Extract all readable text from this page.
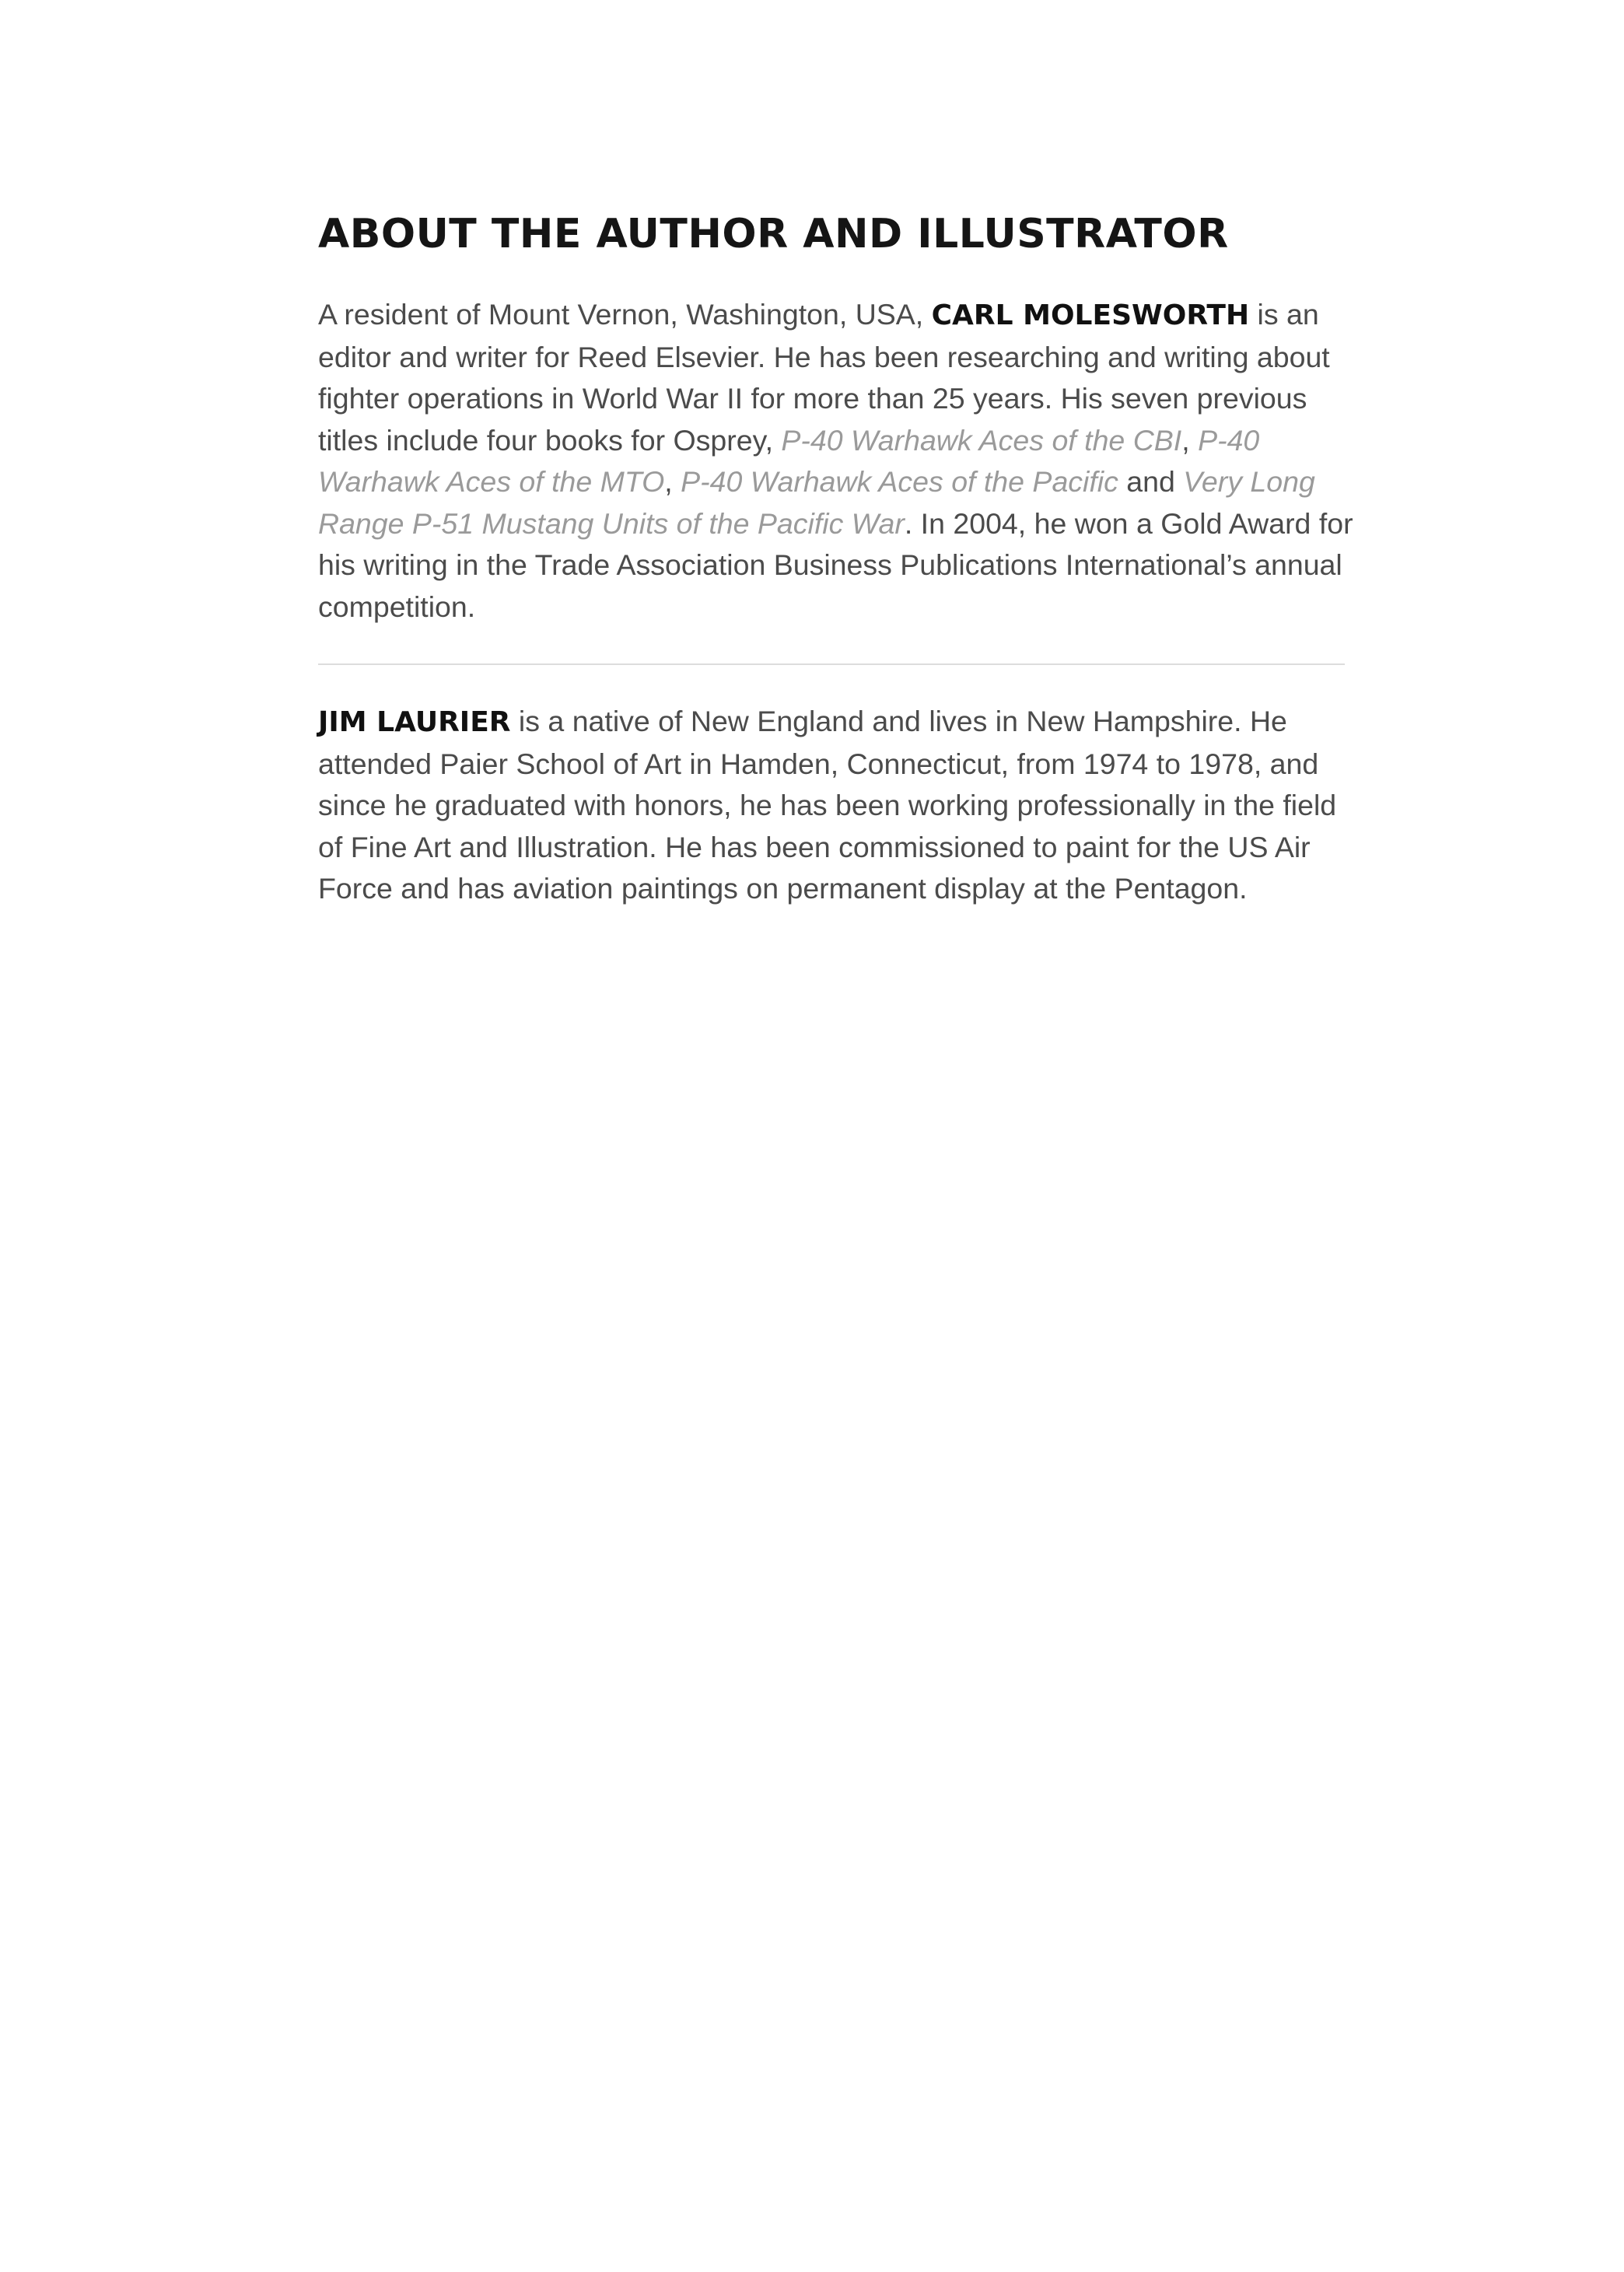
ABOUT THE AUTHOR AND ILLUSTRATOR

A resident of Mount Vernon, Washington, USA, CARL MOLESWORTH is an editor and writer for Reed Elsevier. He has been researching and writing about fighter operations in World War II for more than 25 years. His seven previous titles include four books for Osprey, P-40 Warhawk Aces of the CBI, P-40 Warhawk Aces of the MTO, P-40 Warhawk Aces of the Pacific and Very Long Range P-51 Mustang Units of the Pacific War. In 2004, he won a Gold Award for his writing in the Trade Association Business Publications International’s annual competition.

JIM LAURIER is a native of New England and lives in New Hampshire. He attended Paier School of Art in Hamden, Connecticut, from 1974 to 1978, and since he graduated with honors, he has been working professionally in the field of Fine Art and Illustration. He has been commissioned to paint for the US Air Force and has aviation paintings on permanent display at the Pentagon.
